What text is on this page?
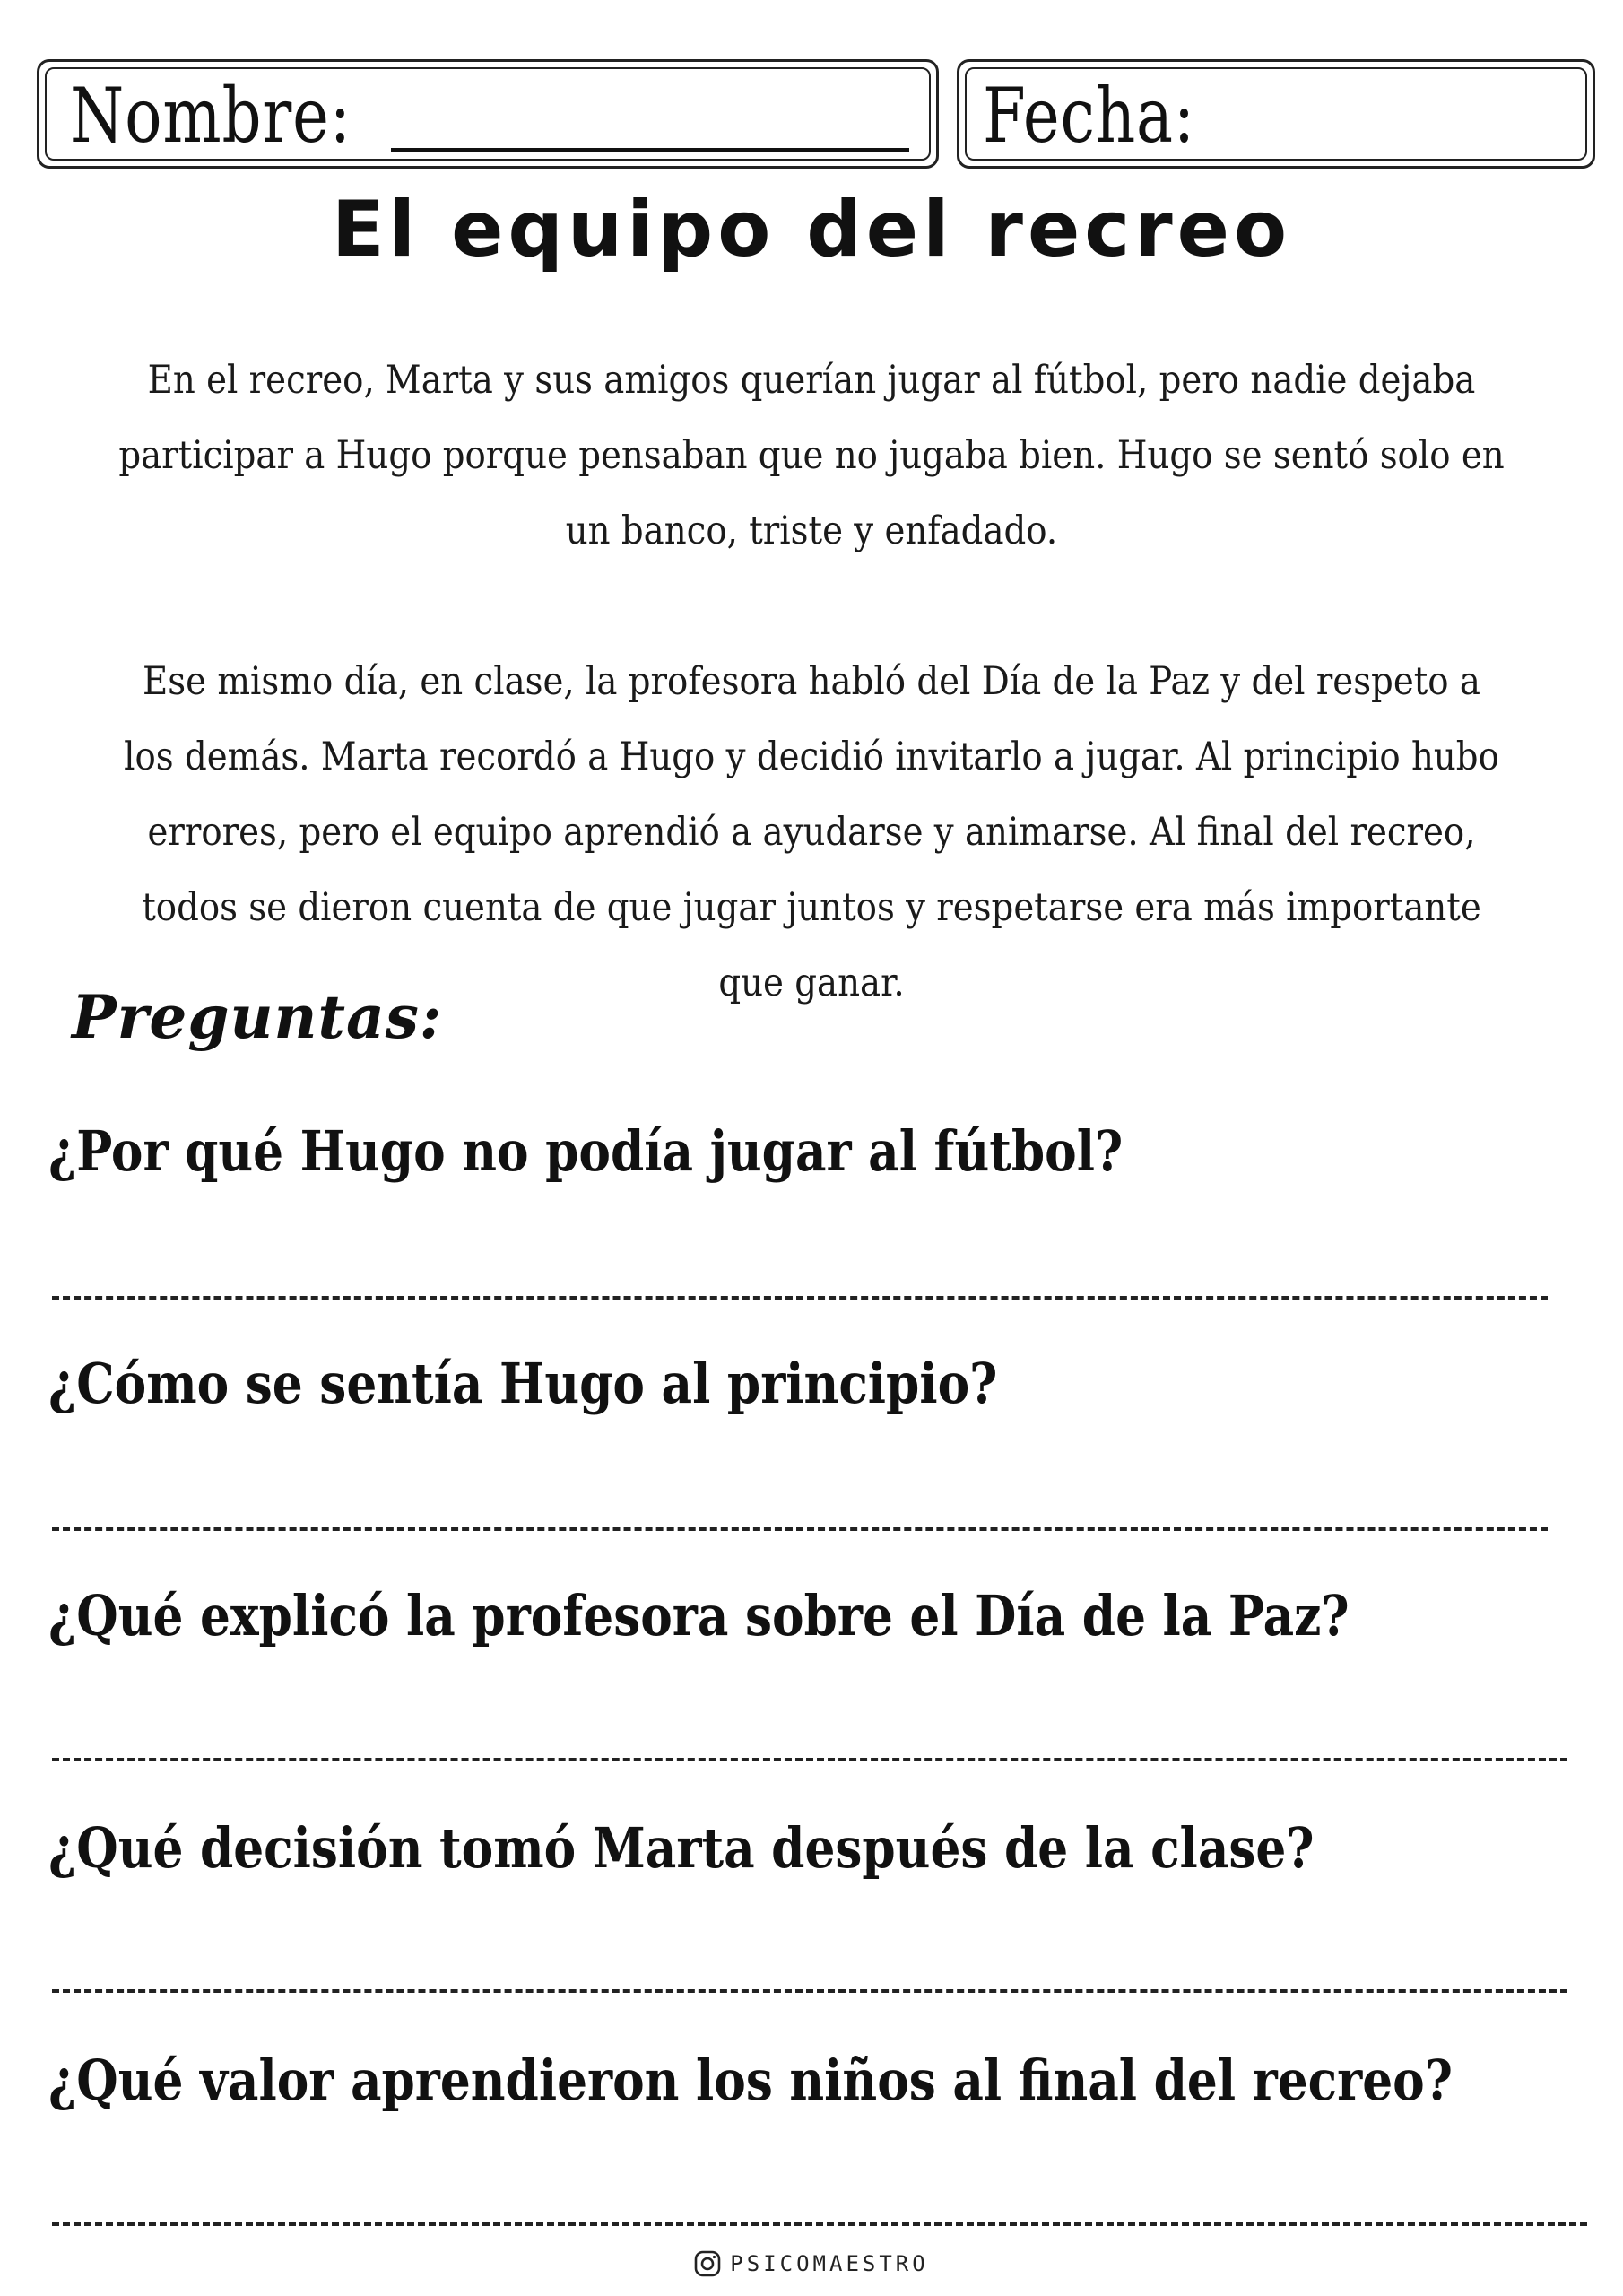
Nombre:	Fecha:
El equipo del recreo

En el recreo, Marta y sus amigos querían jugar al fútbol, pero nadie dejaba participar a Hugo porque pensaban que no jugaba bien. Hugo se sentó solo en un banco, triste y enfadado.

Ese mismo día, en clase, la profesora habló del Día de la Paz y del respeto a los demás. Marta recordó a Hugo y decidió invitarlo a jugar. Al principio hubo errores, pero el equipo aprendió a ayudarse y animarse. Al final del recreo, todos se dieron cuenta de que jugar juntos y respetarse era más importante que ganar.

Preguntas:
¿Por qué Hugo no podía jugar al fútbol?
¿Cómo se sentía Hugo al principio?
¿Qué explicó la profesora sobre el Día de la Paz?
¿Qué decisión tomó Marta después de la clase?
¿Qué valor aprendieron los niños al final del recreo?
PSICOMAESTRO
